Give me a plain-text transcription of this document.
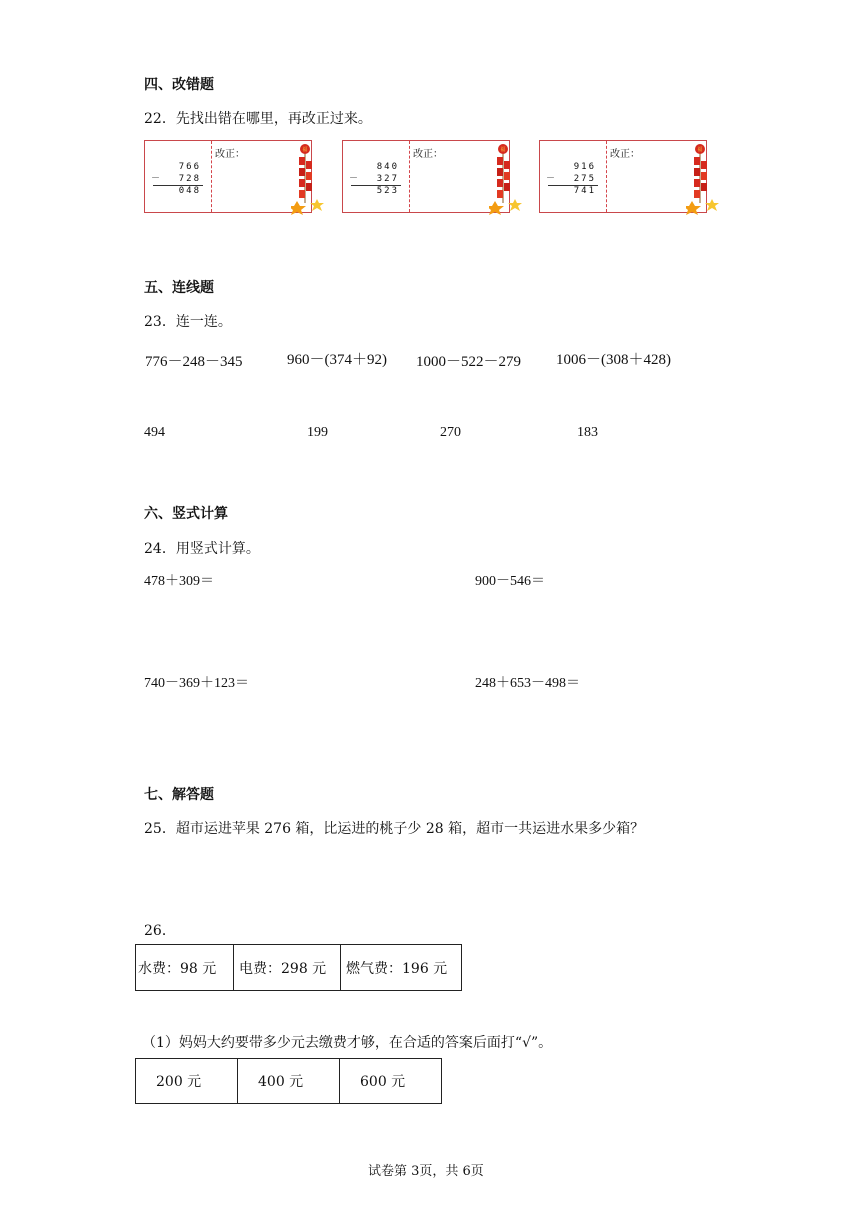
四、改错题
22．先找出错在哪里，再改正过来。
改正：
766
－ 728
048
福	改正：
840
－ 327
523
福	改正：
916
－ 275
741
福
五、连线题
23．连一连。
776－248－345	960－(374＋92) 1000－522－279 1006－(308＋428)
494	199	270	183
六、竖式计算
24．用竖式计算。
478＋309＝	900－546＝
740－369＋123＝	248＋653－498＝
七、解答题
25．超市运进苹果 276 箱，比运进的桃子少 28 箱，超市一共运进水果多少箱？
26．
水费：98 元	电费：298 元	燃气费：196 元
（1）妈妈大约要带多少元去缴费才够，在合适的答案后面打“√”。
200 元	400 元	600 元
试卷第 3页，共 6页
